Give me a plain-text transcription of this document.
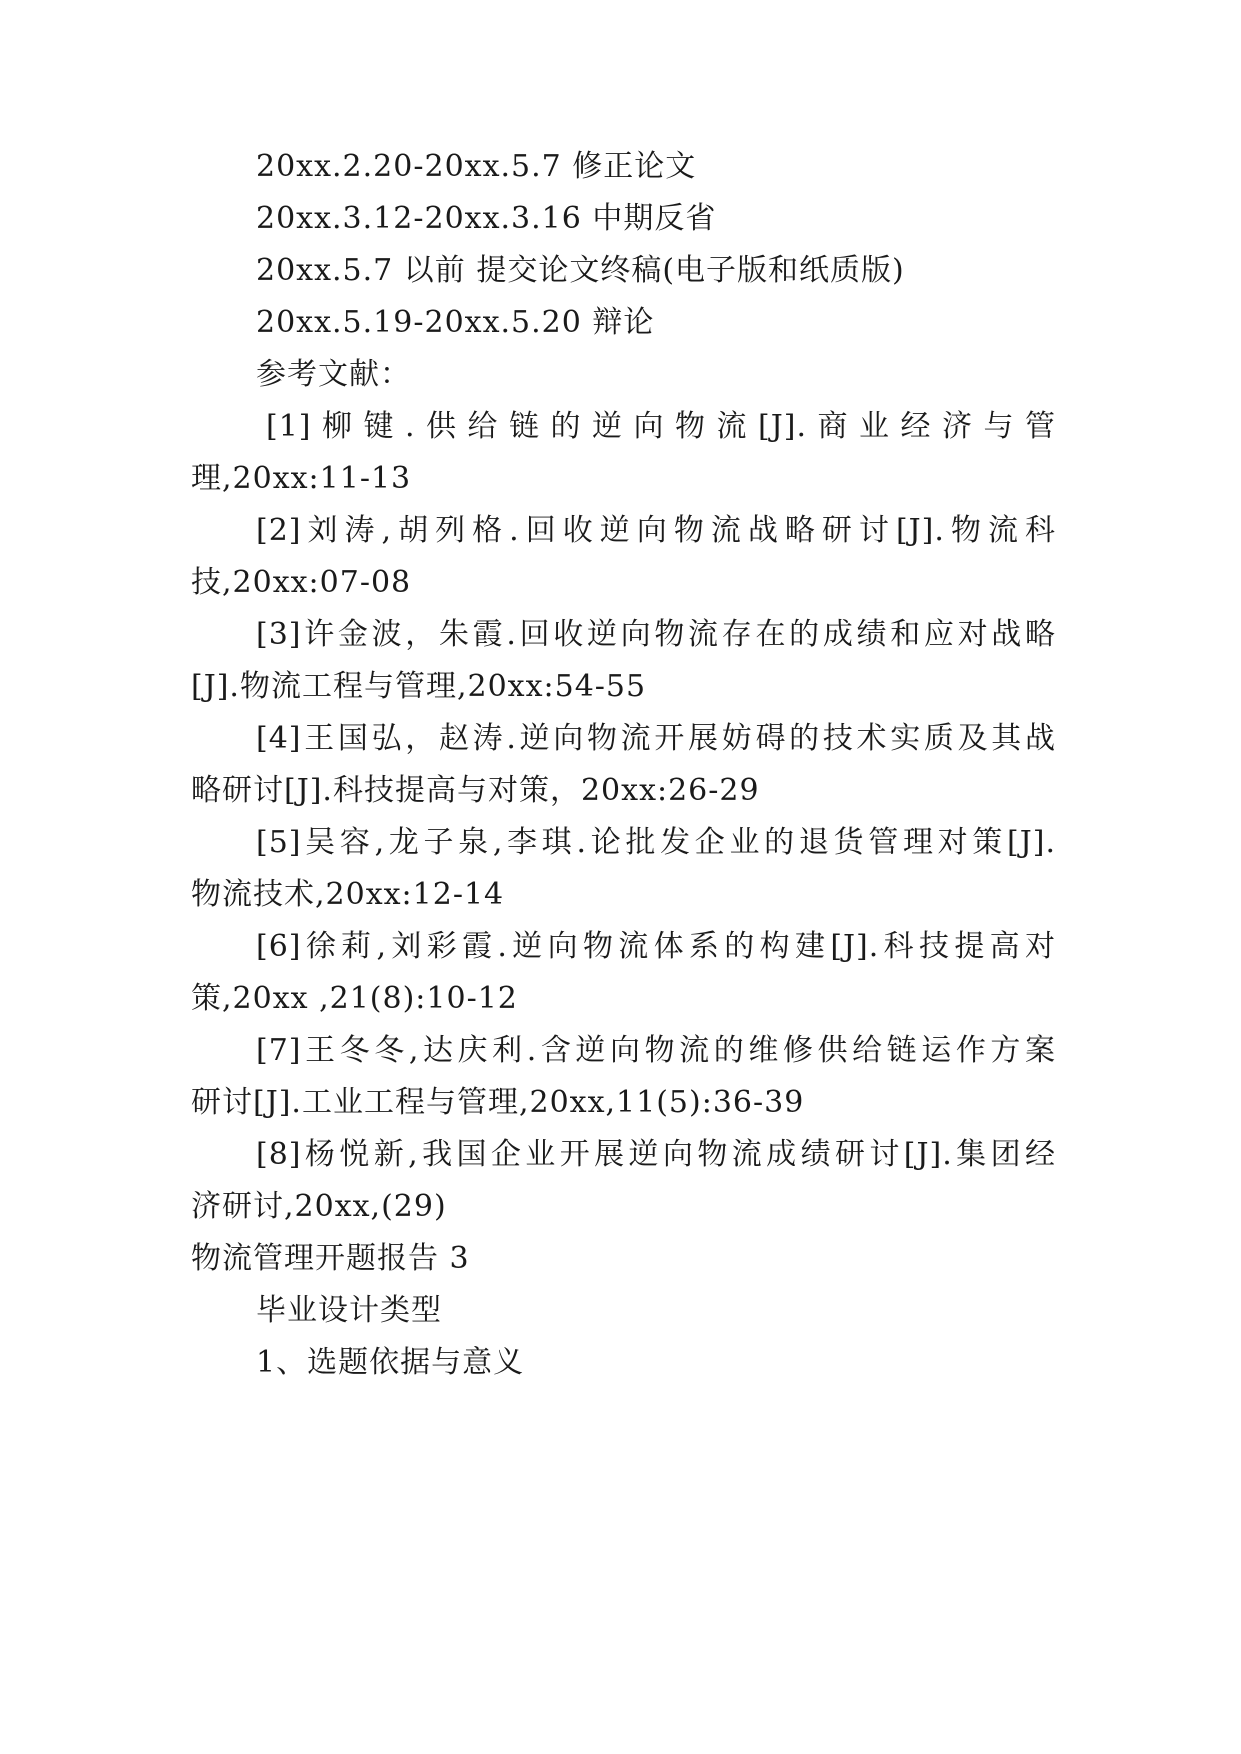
20xx.2.20-20xx.5.7 修正论文
20xx.3.12-20xx.3.16 中期反省
20xx.5.7 以前 提交论文终稿(电子版和纸质版)
20xx.5.19-20xx.5.20 辩论
参考文献：
[1]柳键.供给链的逆向物流[J].商业经济与管
理,20xx:11-13
[2]刘涛,胡列格.回收逆向物流战略研讨[J].物流科
技,20xx:07-08
[3]许金波，朱霞.回收逆向物流存在的成绩和应对战略
[J].物流工程与管理,20xx:54-55
[4]王国弘，赵涛.逆向物流开展妨碍的技术实质及其战
略研讨[J].科技提高与对策，20xx:26-29
[5]吴容,龙子泉,李琪.论批发企业的退货管理对策[J].
物流技术,20xx:12-14
[6]徐莉,刘彩霞.逆向物流体系的构建[J].科技提高对
策,20xx ,21(8):10-12
[7]王冬冬,达庆利.含逆向物流的维修供给链运作方案
研讨[J].工业工程与管理,20xx,11(5):36-39
[8]杨悦新,我国企业开展逆向物流成绩研讨[J].集团经
济研讨,20xx,(29)
物流管理开题报告 3
毕业设计类型
1、选题依据与意义
